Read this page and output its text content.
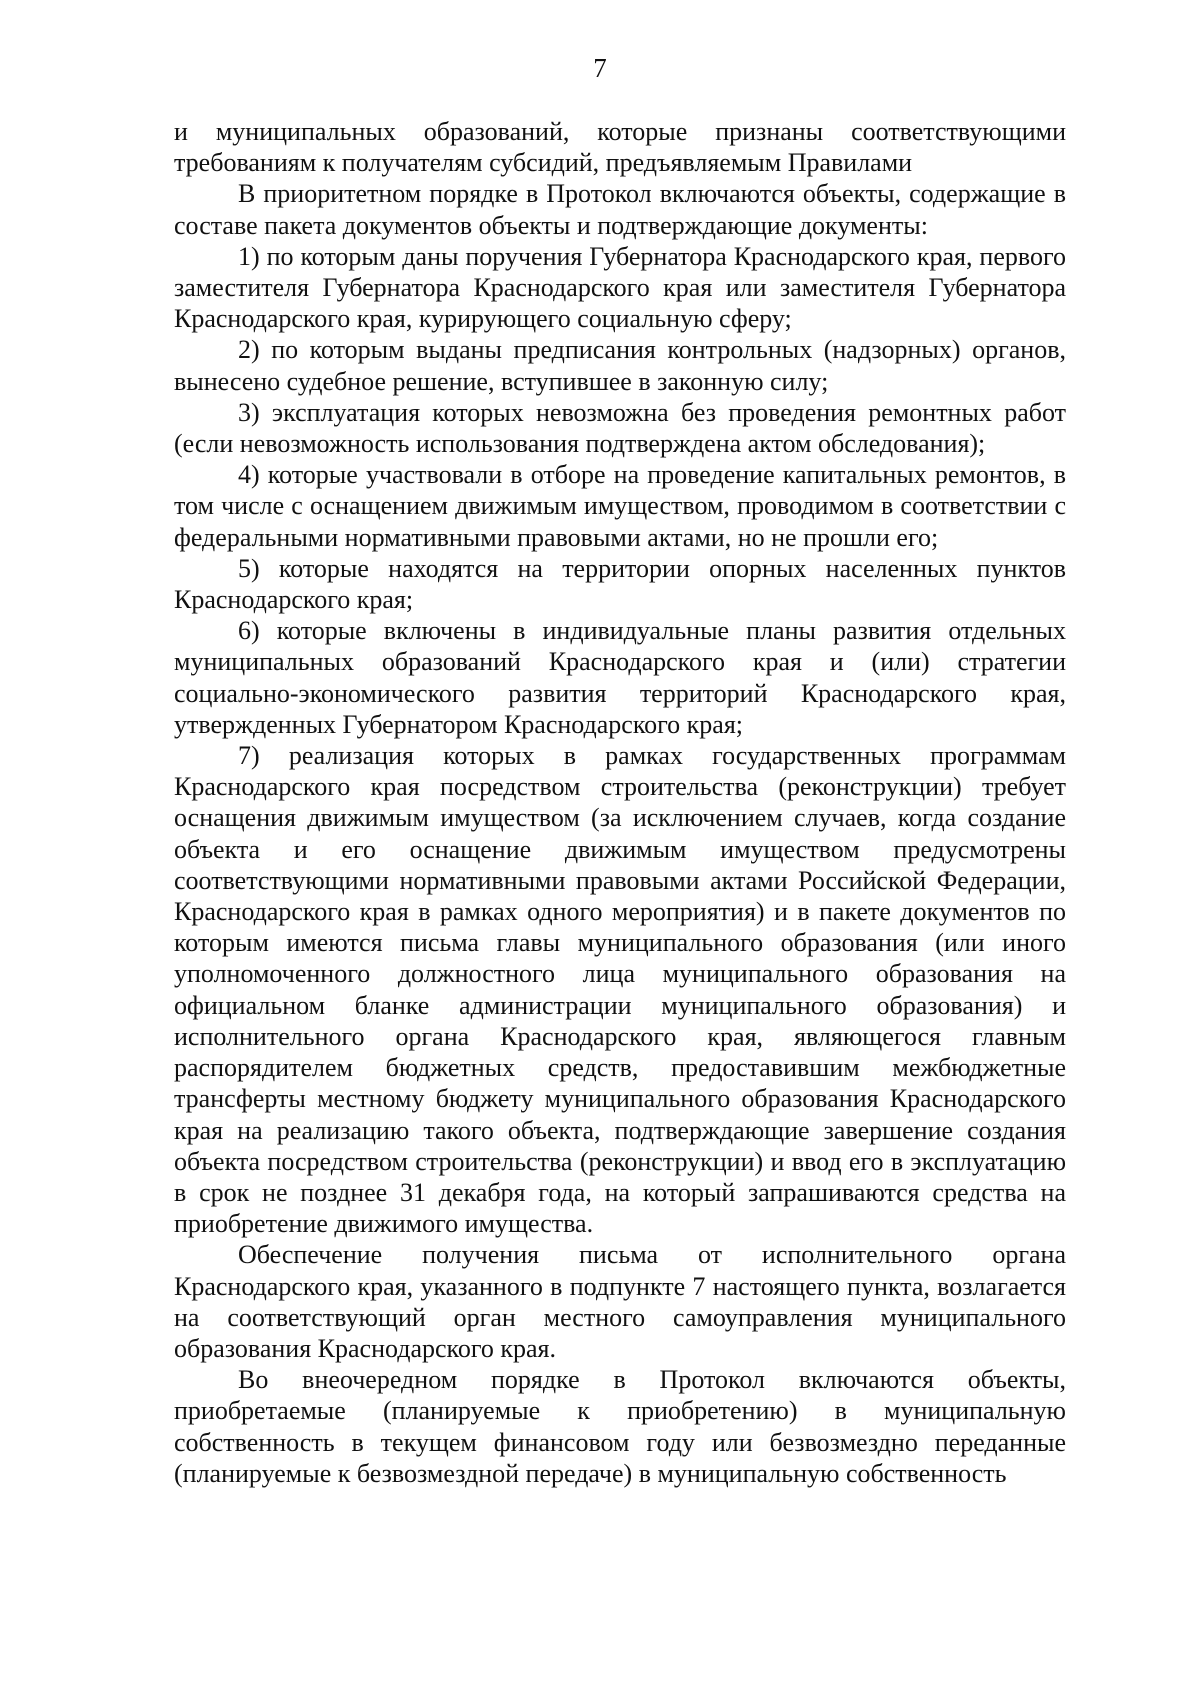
7

и муниципальных образований, которые признаны соответствующими требованиям к получателям субсидий, предъявляемым Правилами

В приоритетном порядке в Протокол включаются объекты, содержащие в составе пакета документов объекты и подтверждающие документы:

1) по которым даны поручения Губернатора Краснодарского края, первого заместителя Губернатора Краснодарского края или заместителя Губернатора Краснодарского края, курирующего социальную сферу;

2) по которым выданы предписания контрольных (надзорных) органов, вынесено судебное решение, вступившее в законную силу;

3) эксплуатация которых невозможна без проведения ремонтных работ (если невозможность использования подтверждена актом обследования);

4) которые участвовали в отборе на проведение капитальных ремонтов, в том числе с оснащением движимым имуществом, проводимом в соответствии с федеральными нормативными правовыми актами, но не прошли его;

5) которые находятся на территории опорных населенных пунктов Краснодарского края;

6) которые включены в индивидуальные планы развития отдельных муниципальных образований Краснодарского края и (или) стратегии социально-экономического развития территорий Краснодарского края, утвержденных Губернатором Краснодарского края;

7) реализация которых в рамках государственных программам Краснодарского края посредством строительства (реконструкции) требует оснащения движимым имуществом (за исключением случаев, когда создание объекта и его оснащение движимым имуществом предусмотрены соответствующими нормативными правовыми актами Российской Федерации, Краснодарского края в рамках одного мероприятия) и в пакете документов по которым имеются письма главы муниципального образования (или иного уполномоченного должностного лица муниципального образования на официальном бланке администрации муниципального образования) и исполнительного органа Краснодарского края, являющегося главным распорядителем бюджетных средств, предоставившим межбюджетные трансферты местному бюджету муниципального образования Краснодарского края на реализацию такого объекта, подтверждающие завершение создания объекта посредством строительства (реконструкции) и ввод его в эксплуатацию в срок не позднее 31 декабря года, на который запрашиваются средства на приобретение движимого имущества.

Обеспечение получения письма от исполнительного органа Краснодарского края, указанного в подпункте 7 настоящего пункта, возлагается на соответствующий орган местного самоуправления муниципального образования Краснодарского края.

Во внеочередном порядке в Протокол включаются объекты, приобретаемые (планируемые к приобретению) в муниципальную собственность в текущем финансовом году или безвозмездно переданные (планируемые к безвозмездной передаче) в муниципальную собственность
